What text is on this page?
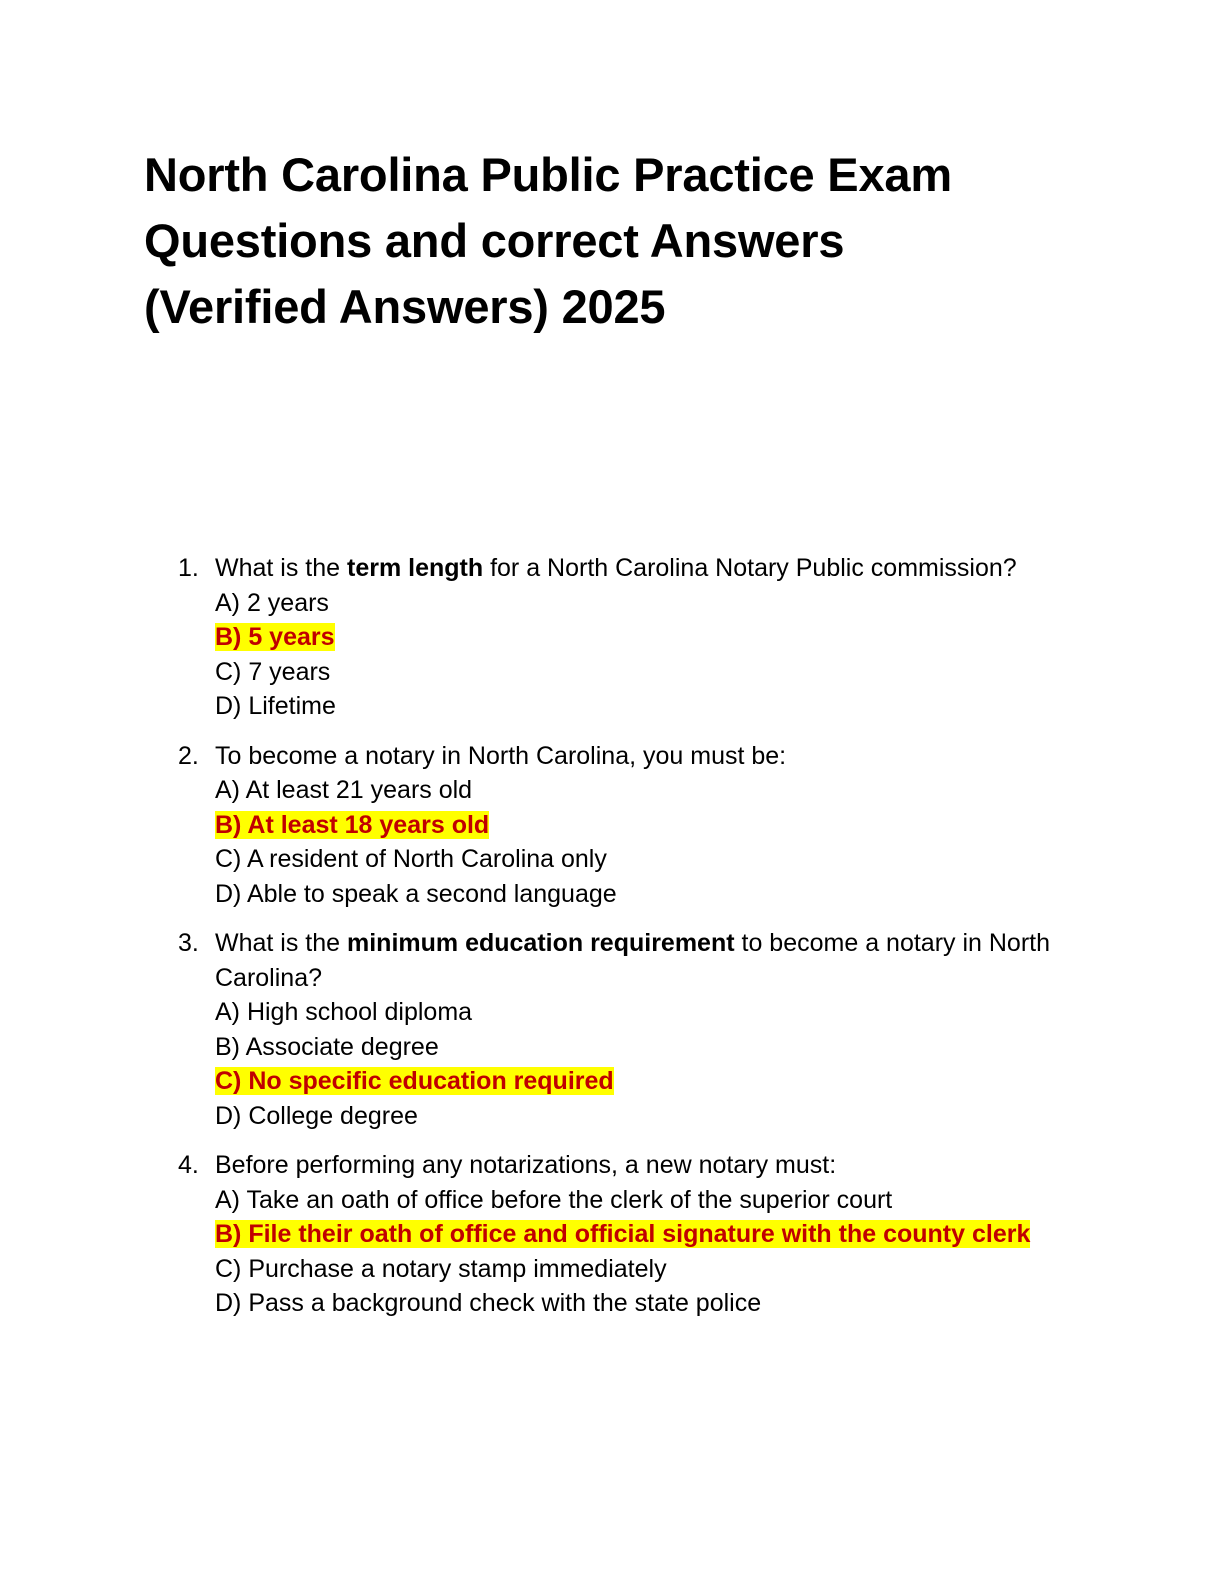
North Carolina Public Practice Exam
Questions and correct Answers
(Verified Answers) 2025
1. What is the term length for a North Carolina Notary Public commission?
A) 2 years
B) 5 years
C) 7 years
D) Lifetime
2. To become a notary in North Carolina, you must be:
A) At least 21 years old
B) At least 18 years old
C) A resident of North Carolina only
D) Able to speak a second language
3. What is the minimum education requirement to become a notary in North Carolina?
A) High school diploma
B) Associate degree
C) No specific education required
D) College degree
4. Before performing any notarizations, a new notary must:
A) Take an oath of office before the clerk of the superior court
B) File their oath of office and official signature with the county clerk
C) Purchase a notary stamp immediately
D) Pass a background check with the state police
